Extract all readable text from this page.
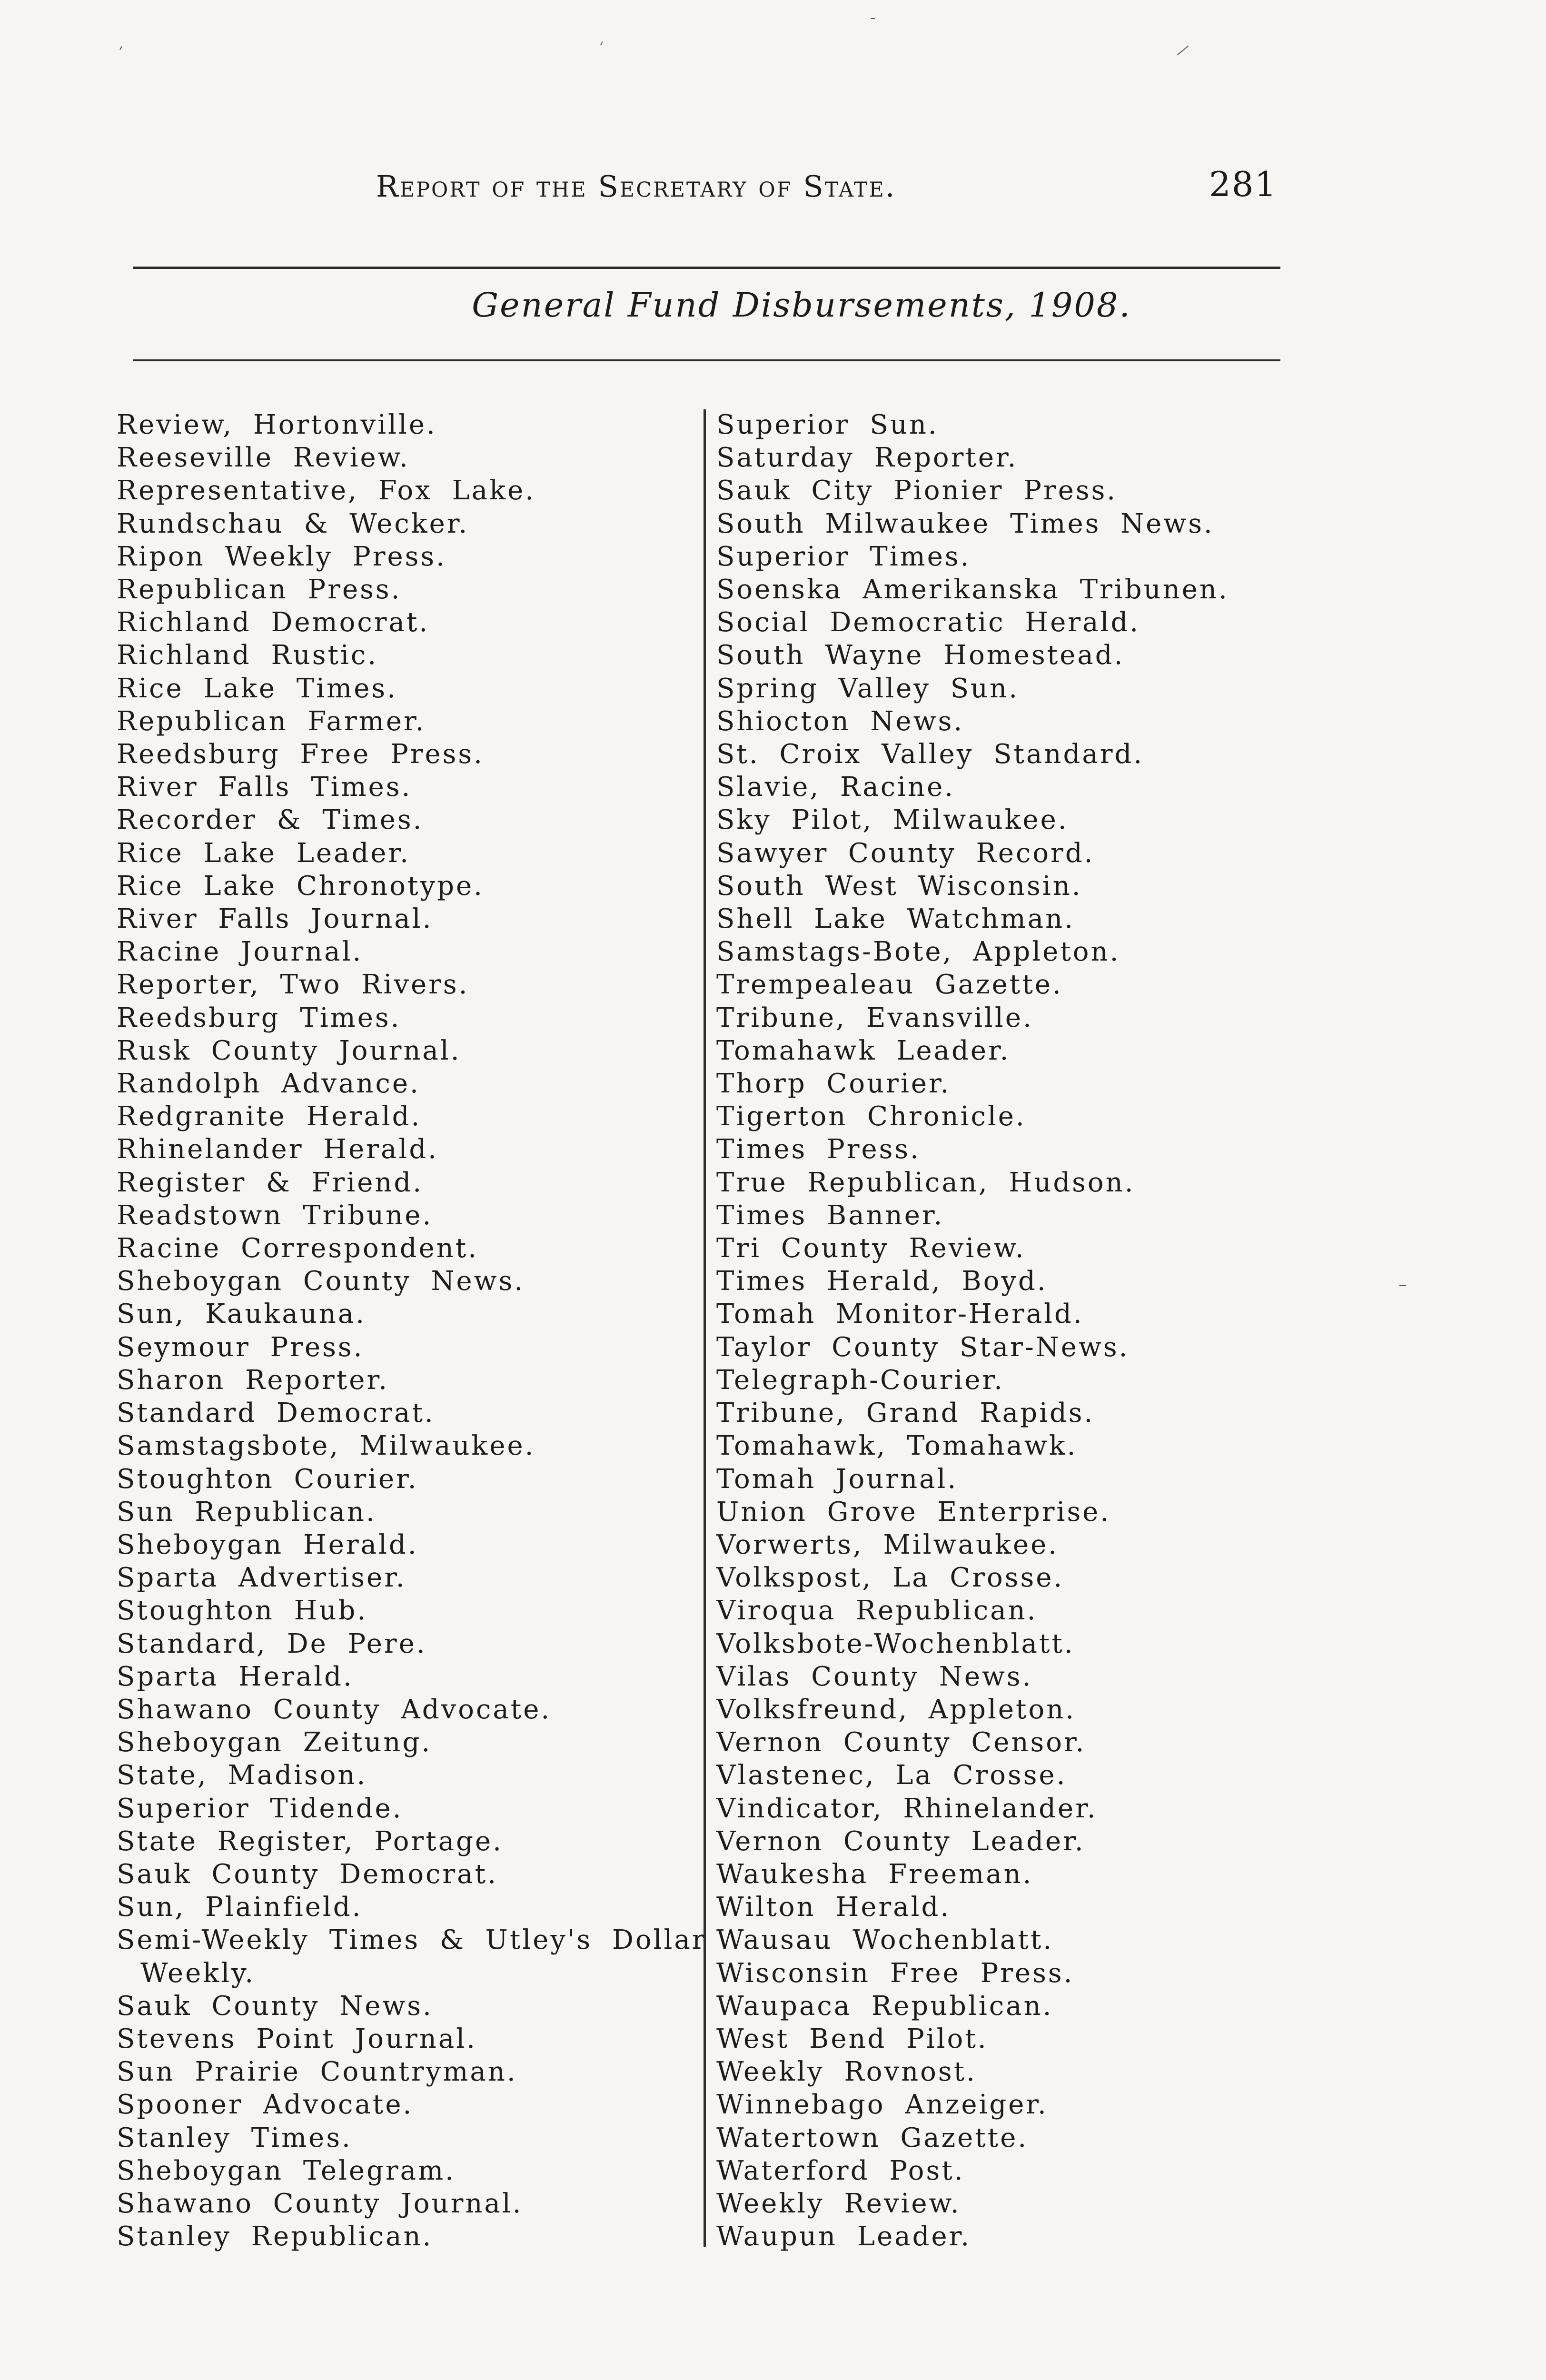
Report of the Secretary of State.	281
General Fund Disbursements, 1908.
Review, Hortonville.
Reeseville Review.
Representative, Fox Lake.
Rundschau & Wecker.
Ripon Weekly Press.
Republican Press.
Richland Democrat.
Richland Rustic.
Rice Lake Times.
Republican Farmer.
Reedsburg Free Press.
River Falls Times.
Recorder & Times.
Rice Lake Leader.
Rice Lake Chronotype.
River Falls Journal.
Racine Journal.
Reporter, Two Rivers.
Reedsburg Times.
Rusk County Journal.
Randolph Advance.
Redgranite Herald.
Rhinelander Herald.
Register & Friend.
Readstown Tribune.
Racine Correspondent.
Sheboygan County News.
Sun, Kaukauna.
Seymour Press.
Sharon Reporter.
Standard Democrat.
Samstagsbote, Milwaukee.
Stoughton Courier.
Sun Republican.
Sheboygan Herald.
Sparta Advertiser.
Stoughton Hub.
Standard, De Pere.
Sparta Herald.
Shawano County Advocate.
Sheboygan Zeitung.
State, Madison.
Superior Tidende.
State Register, Portage.
Sauk County Democrat.
Sun, Plainfield.
Semi-Weekly Times & Utley's Dollar Weekly.
Sauk County News.
Stevens Point Journal.
Sun Prairie Countryman.
Spooner Advocate.
Stanley Times.
Sheboygan Telegram.
Shawano County Journal.
Stanley Republican.
Superior Sun.
Saturday Reporter.
Sauk City Pionier Press.
South Milwaukee Times News.
Superior Times.
Soenska Amerikanska Tribunen.
Social Democratic Herald.
South Wayne Homestead.
Spring Valley Sun.
Shiocton News.
St. Croix Valley Standard.
Slavie, Racine.
Sky Pilot, Milwaukee.
Sawyer County Record.
South West Wisconsin.
Shell Lake Watchman.
Samstags-Bote, Appleton.
Trempealeau Gazette.
Tribune, Evansville.
Tomahawk Leader.
Thorp Courier.
Tigerton Chronicle.
Times Press.
True Republican, Hudson.
Times Banner.
Tri County Review.
Times Herald, Boyd.
Tomah Monitor-Herald.
Taylor County Star-News.
Telegraph-Courier.
Tribune, Grand Rapids.
Tomahawk, Tomahawk.
Tomah Journal.
Union Grove Enterprise.
Vorwerts, Milwaukee.
Volkspost, La Crosse.
Viroqua Republican.
Volksbote-Wochenblatt.
Vilas County News.
Volksfreund, Appleton.
Vernon County Censor.
Vlastenec, La Crosse.
Vindicator, Rhinelander.
Vernon County Leader.
Waukesha Freeman.
Wilton Herald.
Wausau Wochenblatt.
Wisconsin Free Press.
Waupaca Republican.
West Bend Pilot.
Weekly Rovnost.
Winnebago Anzeiger.
Watertown Gazette.
Waterford Post.
Weekly Review.
Waupun Leader.
